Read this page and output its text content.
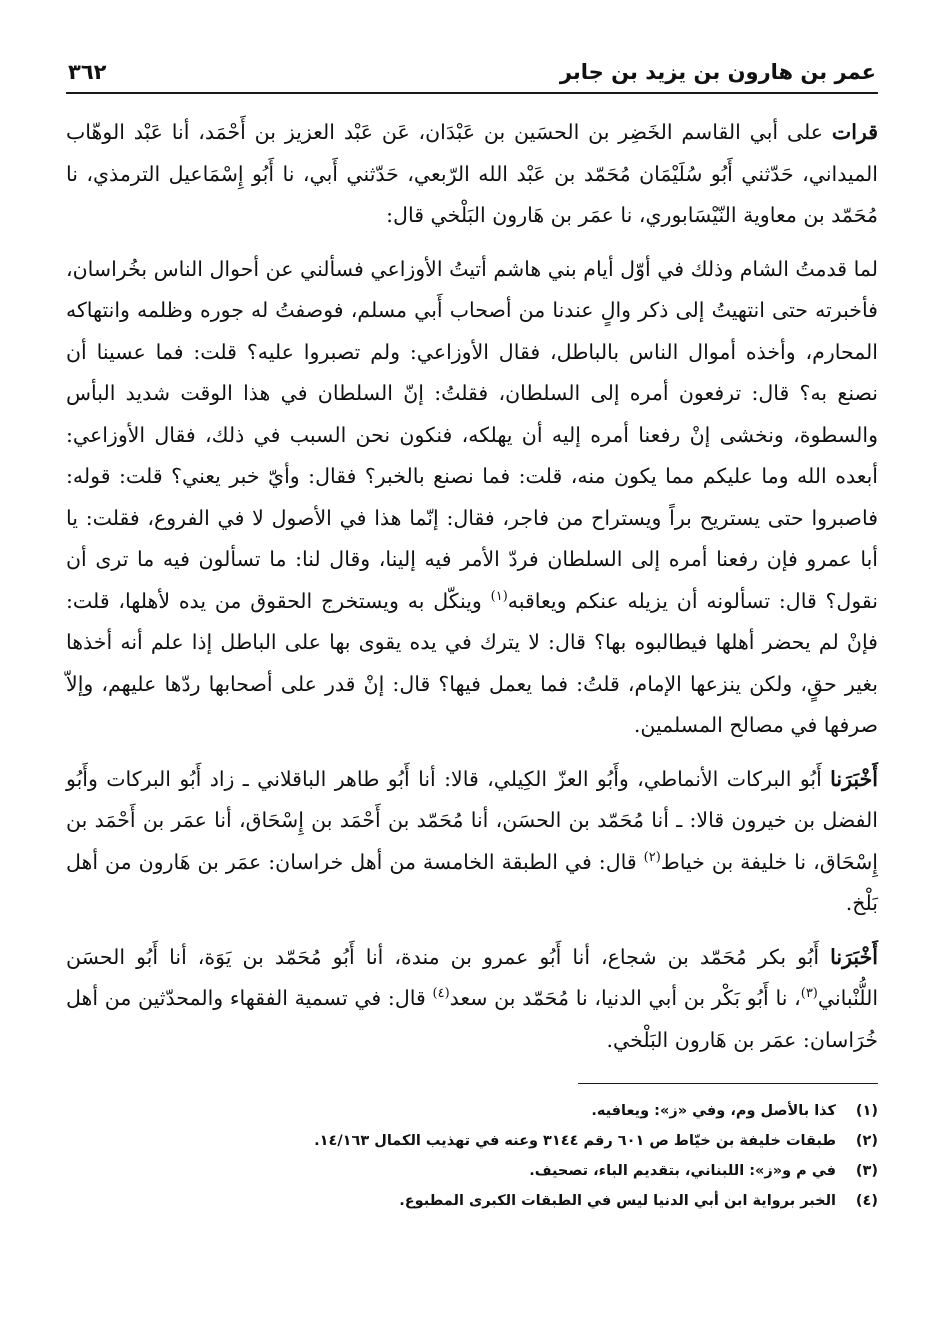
عمر بن هارون بن يزيد بن جابر
٣٦٢

قرات على أبي القاسم الخَضِر بن الحسَين بن عَبْدَان، عَن عَبْد العزيز بن أَحْمَد، أنا عَبْد الوهّاب الميداني، حَدّثني أَبُو سُلَيْمَان مُحَمّد بن عَبْد الله الرّبعي، حَدّثني أَبي، نا أَبُو إِسْمَاعيل الترمذي، نا مُحَمّد بن معاوية النّيْسَابوري، نا عمَر بن هَارون البَلْخي قال:

لما قدمتُ الشام وذلك في أوّل أيام بني هاشم أتيتُ الأوزاعي فسألني عن أحوال الناس بخُراسان، فأخبرته حتى انتهيتُ إلى ذكر والٍ عندنا من أصحاب أَبي مسلم، فوصفتُ له جوره وظلمه وانتهاكه المحارم، وأخذه أموال الناس بالباطل، فقال الأوزاعي: ولم تصبروا عليه؟ قلت: فما عسينا أن نصنع به؟ قال: ترفعون أمره إلى السلطان، فقلتُ: إنّ السلطان في هذا الوقت شديد البأس والسطوة، ونخشى إنْ رفعنا أمره إليه أن يهلكه، فنكون نحن السبب في ذلك، فقال الأوزاعي: أبعده الله وما عليكم مما يكون منه، قلت: فما نصنع بالخبر؟ فقال: وأيّ خبر يعني؟ قلت: قوله: فاصبروا حتى يستريح براً ويستراح من فاجر، فقال: إنّما هذا في الأصول لا في الفروع، فقلت: يا أبا عمرو فإن رفعنا أمره إلى السلطان فردّ الأمر فيه إلينا، وقال لنا: ما تسألون فيه ما ترى أن نقول؟ قال: تسألونه أن يزيله عنكم ويعاقبه$^{(١)}$ وينكّل به ويستخرج الحقوق من يده لأهلها، قلت: فإنْ لم يحضر أهلها فيطالبوه بها؟ قال: لا يترك في يده يقوى بها على الباطل إذا علم أنه أخذها بغير حقٍ، ولكن ينزعها الإمام، قلتُ: فما يعمل فيها؟ قال: إنْ قدر على أصحابها ردّها عليهم، وإلاّ صرفها في مصالح المسلمين.

أَخْبَرَنا أَبُو البركات الأنماطي، وأَبُو العزّ الكِيلي، قالا: أنا أَبُو طاهر الباقلاني ـ زاد أَبُو البركات وأَبُو الفضل بن خيرون قالا: ـ أنا مُحَمّد بن الحسَن، أنا مُحَمّد بن أَحْمَد بن إِسْحَاق، أنا عمَر بن أَحْمَد بن إِسْحَاق، نا خليفة بن خياط$^{(٢)}$ قال: في الطبقة الخامسة من أهل خراسان: عمَر بن هَارون من أهل بَلْخ.

أَخْبَرَنا أَبُو بكر مُحَمّد بن شجاع، أنا أَبُو عمرو بن مندة، أنا أَبُو مُحَمّد بن يَوَة، أنا أَبُو الحسَن اللُّنْباني$^{(٣)}$، نا أَبُو بَكْر بن أبي الدنيا، نا مُحَمّد بن سعد$^{(٤)}$ قال: في تسمية الفقهاء والمحدّثين من أهل خُرَاسان: عمَر بن هَارون البَلْخي.

(١)
كذا بالأصل وم، وفي «ز»: ويعافيه.
(٢)
طبقات خليفة بن خيّاط ص ٦٠١ رقم ٣١٤٤ وعنه في تهذيب الكمال ١٤/١٦٣.
(٣)
في م و«ز»: اللبناني، بتقديم الباء، تصحيف.
(٤)
الخبر برواية ابن أبي الدنيا ليس في الطبقات الكبرى المطبوع.
